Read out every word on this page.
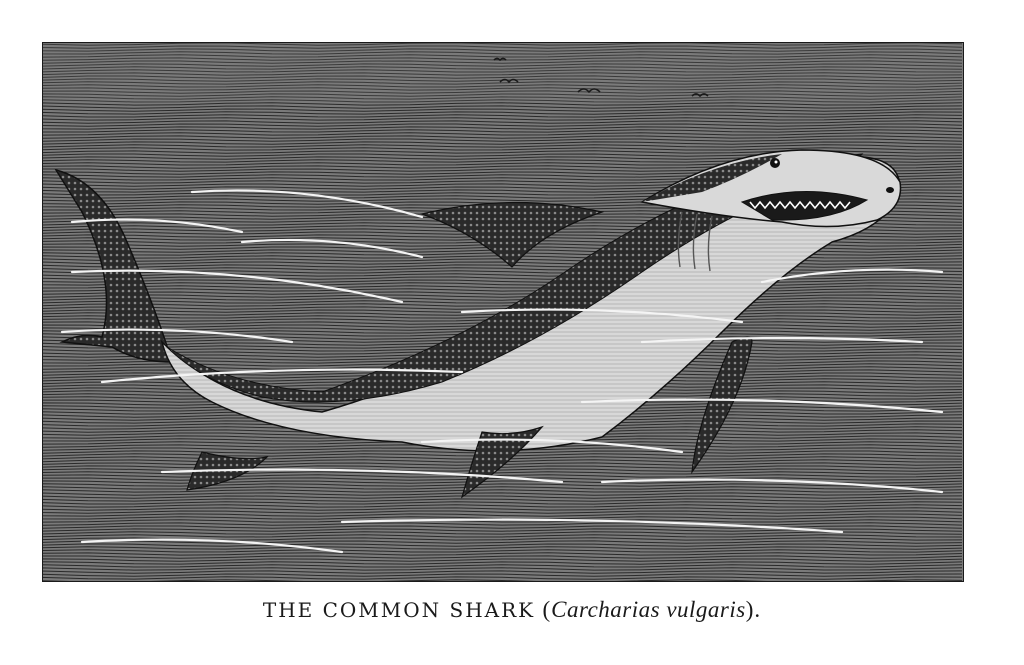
THE COMMON SHARK (Carcharias vulgaris).
